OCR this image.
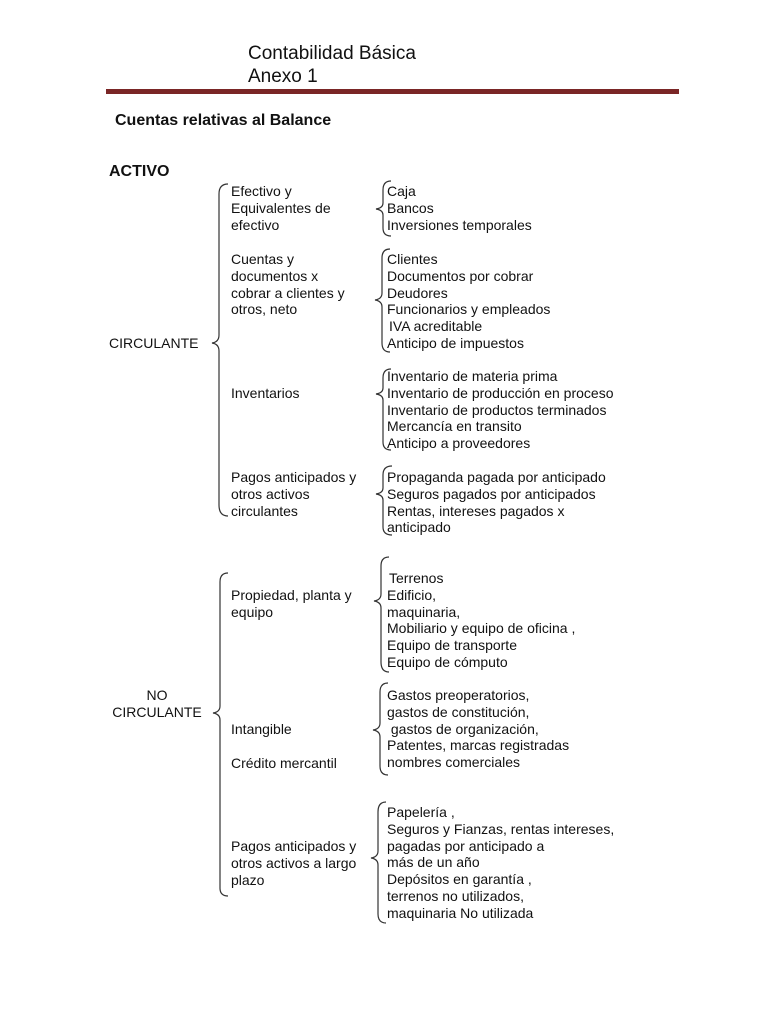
Contabilidad Básica
Anexo 1
Cuentas relativas al Balance
ACTIVO
CIRCULANTE
Efectivo y
Equivalentes de
efectivo
Caja
Bancos
Inversiones temporales
Cuentas y
documentos x
cobrar a clientes y
otros, neto
Clientes
Documentos por cobrar
Deudores
Funcionarios y empleados
IVA acreditable
Anticipo de impuestos
Inventarios
Inventario de materia prima
Inventario de producción en proceso
Inventario de productos terminados
Mercancía en transito
Anticipo a proveedores
Pagos anticipados y
otros activos
circulantes
Propaganda pagada por anticipado
Seguros pagados por anticipados
Rentas, intereses pagados x
anticipado
NO
CIRCULANTE
Propiedad, planta y
equipo
Terrenos
Edificio,
maquinaria,
Mobiliario y equipo de oficina ,
Equipo de transporte
Equipo de cómputo
Intangible
Crédito mercantil
Gastos preoperatorios,
gastos de constitución,
gastos de organización,
Patentes, marcas registradas
nombres comerciales
Pagos anticipados y
otros activos a largo
plazo
Papelería ,
Seguros y Fianzas, rentas intereses,
pagadas por anticipado a
más de un año
Depósitos en garantía ,
terrenos no utilizados,
maquinaria No utilizada
